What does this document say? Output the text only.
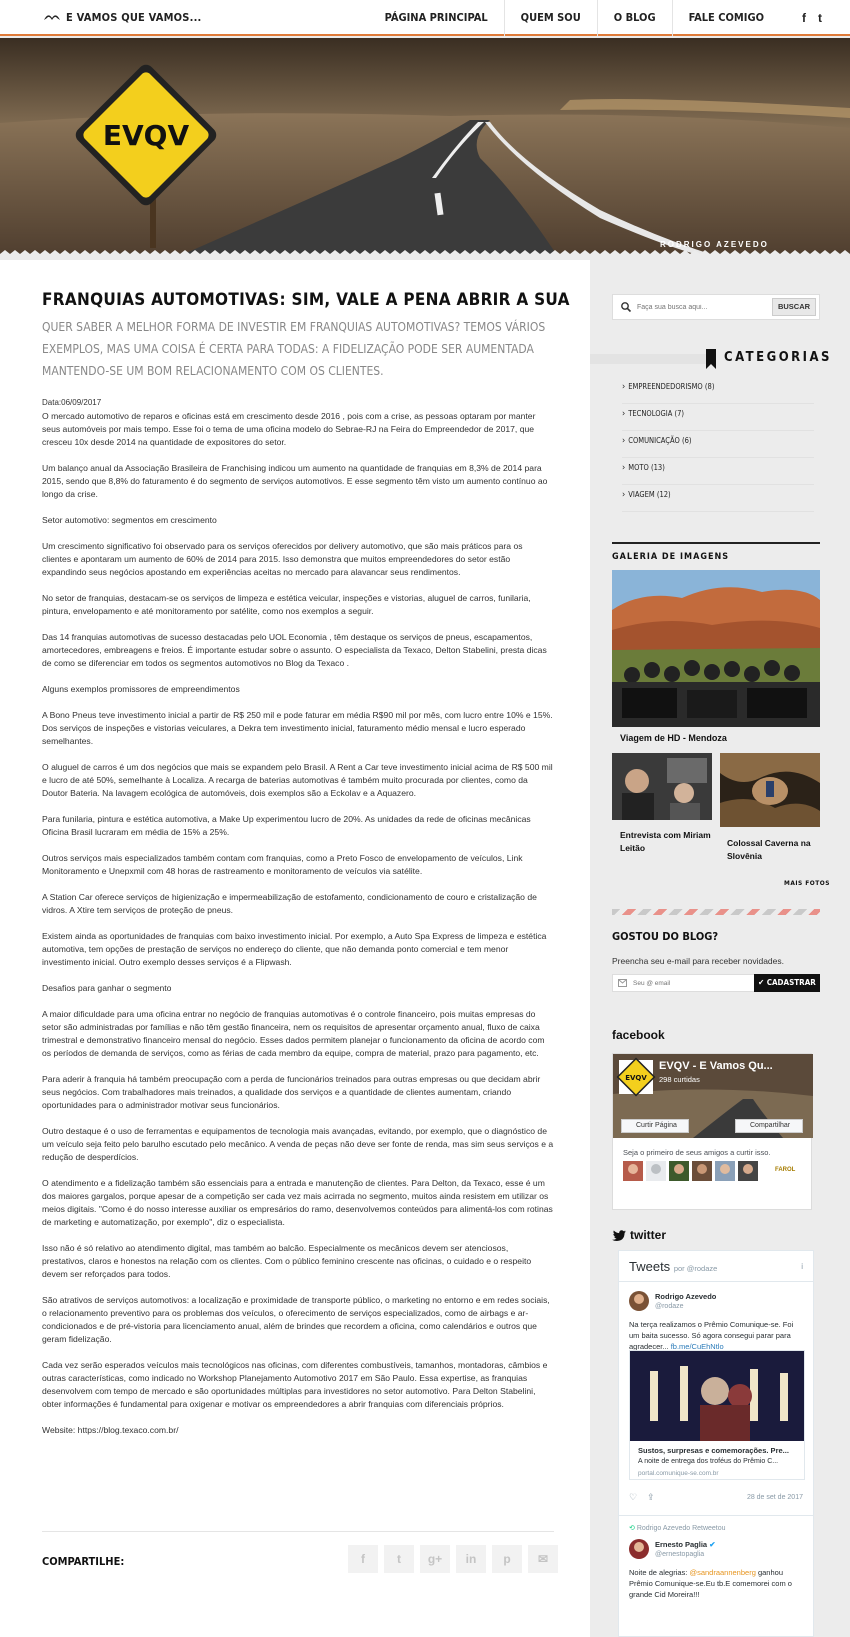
E VAMOS QUE VAMOS...	PÁGINA PRINCIPAL	QUEM SOU	O BLOG	FALE COMIGO	f t
EVQV
RODRIGO AZEVEDO
FRANQUIAS AUTOMOTIVAS: SIM, VALE A PENA ABRIR A SUA
QUER SABER A MELHOR FORMA DE INVESTIR EM FRANQUIAS AUTOMOTIVAS? TEMOS VÁRIOS EXEMPLOS, MAS UMA COISA É CERTA PARA TODAS: A FIDELIZAÇÃO PODE SER AUMENTADA MANTENDO-SE UM BOM RELACIONAMENTO COM OS CLIENTES.
Data:06/09/2017

O mercado automotivo de reparos e oficinas está em crescimento desde 2016 , pois com a crise, as pessoas optaram por manter seus automóveis por mais tempo. Esse foi o tema de uma oficina modelo do Sebrae-RJ na Feira do Empreendedor de 2017, que cresceu 10x desde 2014 na quantidade de expositores do setor.

Um balanço anual da Associação Brasileira de Franchising indicou um aumento na quantidade de franquias em 8,3% de 2014 para 2015, sendo que 8,8% do faturamento é do segmento de serviços automotivos. E esse segmento têm visto um aumento contínuo ao longo da crise.

Setor automotivo: segmentos em crescimento

Um crescimento significativo foi observado para os serviços oferecidos por delivery automotivo, que são mais práticos para os clientes e apontaram um aumento de 60% de 2014 para 2015. Isso demonstra que muitos empreendedores do setor estão expandindo seus negócios apostando em experiências aceitas no mercado para alavancar seus rendimentos.

No setor de franquias, destacam-se os serviços de limpeza e estética veicular, inspeções e vistorias, aluguel de carros, funilaria, pintura, envelopamento e até monitoramento por satélite, como nos exemplos a seguir.

Das 14 franquias automotivas de sucesso destacadas pelo UOL Economia , têm destaque os serviços de pneus, escapamentos, amortecedores, embreagens e freios. É importante estudar sobre o assunto. O especialista da Texaco, Delton Stabelini, presta dicas de como se diferenciar em todos os segmentos automotivos no Blog da Texaco .

Alguns exemplos promissores de empreendimentos

A Bono Pneus teve investimento inicial a partir de R$ 250 mil e pode faturar em média R$90 mil por mês, com lucro entre 10% e 15%. Dos serviços de inspeções e vistorias veiculares, a Dekra tem investimento inicial, faturamento médio mensal e lucro esperado semelhantes.

O aluguel de carros é um dos negócios que mais se expandem pelo Brasil. A Rent a Car teve investimento inicial acima de R$ 500 mil e lucro de até 50%, semelhante à Localiza. A recarga de baterias automotivas é também muito procurada por clientes, como da Doutor Bateria. Na lavagem ecológica de automóveis, dois exemplos são a Eckolav e a Aquazero.

Para funilaria, pintura e estética automotiva, a Make Up experimentou lucro de 20%. As unidades da rede de oficinas mecânicas Oficina Brasil lucraram em média de 15% a 25%.

Outros serviços mais especializados também contam com franquias, como a Preto Fosco de envelopamento de veículos, Link Monitoramento e Unepxmil com 48 horas de rastreamento e monitoramento de veículos via satélite.

A Station Car oferece serviços de higienização e impermeabilização de estofamento, condicionamento de couro e cristalização de vidros. A Xtire tem serviços de proteção de pneus.

Existem ainda as oportunidades de franquias com baixo investimento inicial. Por exemplo, a Auto Spa Express de limpeza e estética automotiva, tem opções de prestação de serviços no endereço do cliente, que não demanda ponto comercial e tem menor investimento inicial. Outro exemplo desses serviços é a Flipwash.

Desafios para ganhar o segmento

A maior dificuldade para uma oficina entrar no negócio de franquias automotivas é o controle financeiro, pois muitas empresas do setor são administradas por famílias e não têm gestão financeira, nem os requisitos de apresentar orçamento anual, fluxo de caixa trimestral e demonstrativo financeiro mensal do negócio. Esses dados permitem planejar o funcionamento da oficina de acordo com os períodos de demanda de serviços, como as férias de cada membro da equipe, compra de material, prazo para pagamento, etc.

Para aderir à franquia há também preocupação com a perda de funcionários treinados para outras empresas ou que decidam abrir seus negócios. Com trabalhadores mais treinados, a qualidade dos serviços e a quantidade de clientes aumentam, criando oportunidades para o administrador motivar seus funcionários.

Outro destaque é o uso de ferramentas e equipamentos de tecnologia mais avançadas, evitando, por exemplo, que o diagnóstico de um veículo seja feito pelo barulho escutado pelo mecânico. A venda de peças não deve ser fonte de renda, mas sim seus serviços e a redução de desperdícios.

O atendimento e a fidelização também são essenciais para a entrada e manutenção de clientes. Para Delton, da Texaco, esse é um dos maiores gargalos, porque apesar de a competição ser cada vez mais acirrada no segmento, muitos ainda resistem em utilizar os meios digitais. "Como é do nosso interesse auxiliar os empresários do ramo, desenvolvemos conteúdos para alimentá-los com rotinas de marketing e automatização, por exemplo", diz o especialista.

Isso não é só relativo ao atendimento digital, mas também ao balcão. Especialmente os mecânicos devem ser atenciosos, prestativos, claros e honestos na relação com os clientes. Com o público feminino crescente nas oficinas, o cuidado e o respeito devem ser reforçados para todos.

São atrativos de serviços automotivos: a localização e proximidade de transporte público, o marketing no entorno e em redes sociais, o relacionamento preventivo para os problemas dos veículos, o oferecimento de serviços especializados, como de airbags e ar-condicionados e de pré-vistoria para licenciamento anual, além de brindes que recordem a oficina, como calendários e outros que geram fidelização.

Cada vez serão esperados veículos mais tecnológicos nas oficinas, com diferentes combustíveis, tamanhos, montadoras, câmbios e outras características, como indicado no Workshop Planejamento Automotivo 2017 em São Paulo. Essa expertise, as franquias desenvolvem com tempo de mercado e são oportunidades múltiplas para investidores no setor automotivo. Para Delton Stabelini, obter informações é fundamental para oxigenar e motivar os empreendedores a abrir franquias com diferenciais próprios.

Website: https://blog.texaco.com.br/

COMPARTILHE:	f	t	g+	in	p	✉
Faça sua busca aqui...
BUSCAR
CATEGORIAS
› EMPREENDEDORISMO (8)
› TECNOLOGIA (7)
› COMUNICAÇÃO (6)
› MOTO (13)
› VIAGEM (12)
GALERIA DE IMAGENS
Viagem de HD - Mendoza
Entrevista com Miriam Leitão	Colossal Caverna na Slovênia
MAIS FOTOS
GOSTOU DO BLOG?
Preencha seu e-mail para receber novidades.
Seu @ email
✔ CADASTRAR
facebook
EVQV
EVQV - E Vamos Qu...
298 curtidas
Curtir Página	Compartilhar
Seja o primeiro de seus amigos a curtir isso.
FAROL
twitter
Tweets por @rodaze	i
Rodrigo Azevedo
@rodaze
Na terça realizamos o Prêmio Comunique-se. Foi um baita sucesso. Só agora consegui parar para agradecer... fb.me/CuEhNtlo
Sustos, surpresas e comemorações. Pre...
A noite de entrega dos troféus do Prêmio C...
portal.comunique-se.com.br
♡ ⇪	28 de set de 2017
⟲ Rodrigo Azevedo Retweetou
Ernesto Paglia ✔
@ernestopaglia
Noite de alegrias: @sandraannenberg ganhou Prêmio Comunique-se.Eu tb.E comemorei com o grande Cid Moreira!!!
